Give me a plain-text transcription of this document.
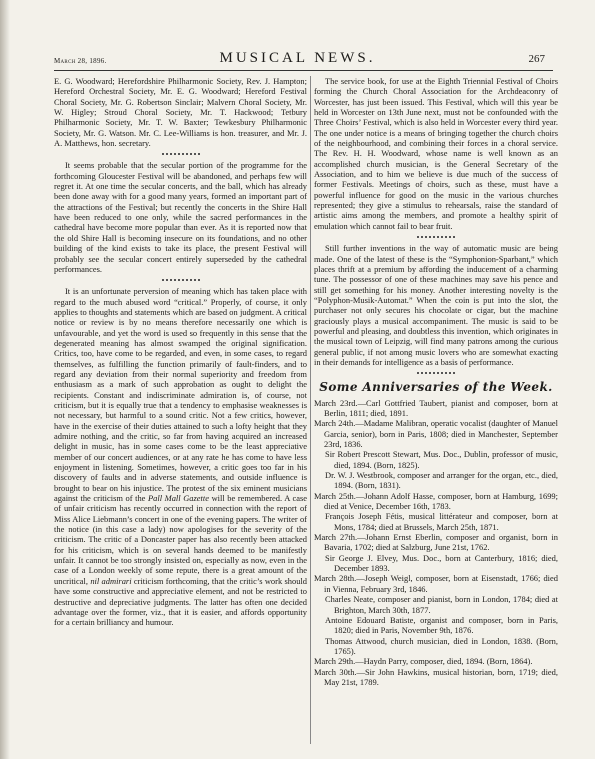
March 28, 1896.	MUSICAL NEWS.	267

E. G. Woodward; Herefordshire Philharmonic Society, Rev. J. Hampton; Hereford Orchestral Society, Mr. E. G. Woodward; Hereford Festival Choral Society, Mr. G. Robertson Sinclair; Malvern Choral Society, Mr. W. Higley; Stroud Choral Society, Mr. T. Hackwood; Tetbury Philharmonic Society, Mr. T. W. Baxter; Tewkesbury Philharmonic Society, Mr. G. Watson. Mr. C. Lee-Williams is hon. treasurer, and Mr. J. A. Matthews, hon. secretary.

It seems probable that the secular portion of the programme for the forthcoming Gloucester Festival will be abandoned, and perhaps few will regret it. At one time the secular concerts, and the ball, which has already been done away with for a good many years, formed an important part of the attractions of the Festival; but recently the concerts in the Shire Hall have been reduced to one only, while the sacred performances in the cathedral have become more popular than ever. As it is reported now that the old Shire Hall is becoming insecure on its foundations, and no other building of the kind exists to take its place, the present Festival will probably see the secular concert entirely superseded by the cathedral performances.

It is an unfortunate perversion of meaning which has taken place with regard to the much abused word “critical.” Properly, of course, it only applies to thoughts and statements which are based on judgment. A critical notice or review is by no means therefore necessarily one which is unfavourable, and yet the word is used so frequently in this sense that the degenerated meaning has almost swamped the original signification. Critics, too, have come to be regarded, and even, in some cases, to regard themselves, as fulfilling the function primarily of fault-finders, and to regard any deviation from their normal superiority and freedom from enthusiasm as a mark of such approbation as ought to delight the recipients. Constant and indiscriminate admiration is, of course, not criticism, but it is equally true that a tendency to emphasise weaknesses is not necessary, but harmful to a sound critic. Not a few critics, however, have in the exercise of their duties attained to such a lofty height that they admire nothing, and the critic, so far from having acquired an increased delight in music, has in some cases come to be the least appreciative member of our concert audiences, or at any rate he has come to have less enjoyment in listening. Sometimes, however, a critic goes too far in his discovery of faults and in adverse statements, and outside influence is brought to bear on his injustice. The protest of the six eminent musicians against the criticism of the Pall Mall Gazette will be remembered. A case of unfair criticism has recently occurred in connection with the report of Miss Alice Liebmann’s concert in one of the evening papers. The writer of the notice (in this case a lady) now apologises for the severity of the criticism. The critic of a Doncaster paper has also recently been attacked for his criticism, which is on several hands deemed to be manifestly unfair. It cannot be too strongly insisted on, especially as now, even in the case of a London weekly of some repute, there is a great amount of the uncritical, nil admirari criticism forthcoming, that the critic’s work should have some constructive and appreciative element, and not be restricted to destructive and depreciative judgments. The latter has often one decided advantage over the former, viz., that it is easier, and affords opportunity for a certain brilliancy and humour.

The service book, for use at the Eighth Triennial Festival of Choirs forming the Church Choral Association for the Archdeaconry of Worcester, has just been issued. This Festival, which will this year be held in Worcester on 13th June next, must not be confounded with the Three Choirs’ Festival, which is also held in Worcester every third year. The one under notice is a means of bringing together the church choirs of the neighbourhood, and combining their forces in a choral service. The Rev. H. H. Woodward, whose name is well known as an accomplished church musician, is the General Secretary of the Association, and to him we believe is due much of the success of former Festivals. Meetings of choirs, such as these, must have a powerful influence for good on the music in the various churches represented; they give a stimulus to rehearsals, raise the standard of artistic aims among the members, and promote a healthy spirit of emulation which cannot fail to bear fruit.

Still further inventions in the way of automatic music are being made. One of the latest of these is the “Symphonion-Sparbant,” which places thrift at a premium by affording the inducement of a charming tune. The possessor of one of these machines may save his pence and still get something for his money. Another interesting novelty is the “Polyphon-Musik-Automat.” When the coin is put into the slot, the purchaser not only secures his chocolate or cigar, but the machine graciously plays a musical accompaniment. The music is said to be powerful and pleasing, and doubtless this invention, which originates in the musical town of Leipzig, will find many patrons among the curious general public, if not among music lovers who are somewhat exacting in their demands for intelligence as a basis of performance.

Some Anniversaries of the Week.

March 23rd.—Carl Gottfried Taubert, pianist and composer, born at Berlin, 1811; died, 1891.

March 24th.—Madame Malibran, operatic vocalist (daughter of Manuel Garcia, senior), born in Paris, 1808; died in Manchester, September 23rd, 1836.

Sir Robert Prescott Stewart, Mus. Doc., Dublin, professor of music, died, 1894. (Born, 1825).

Dr. W. J. Westbrook, composer and arranger for the organ, etc., died, 1894. (Born, 1831).

March 25th.—Johann Adolf Hasse, composer, born at Hamburg, 1699; died at Venice, December 16th, 1783.

François Joseph Fétis, musical littérateur and composer, born at Mons, 1784; died at Brussels, March 25th, 1871.

March 27th.—Johann Ernst Eberlin, composer and organist, born in Bavaria, 1702; died at Salzburg, June 21st, 1762.

Sir George J. Elvey, Mus. Doc., born at Canterbury, 1816; died, December 1893.

March 28th.—Joseph Weigl, composer, born at Eisenstadt, 1766; died in Vienna, February 3rd, 1846.

Charles Neate, composer and pianist, born in London, 1784; died at Brighton, March 30th, 1877.

Antoine Edouard Batiste, organist and composer, born in Paris, 1820; died in Paris, November 9th, 1876.

Thomas Attwood, church musician, died in London, 1838. (Born, 1765).

March 29th.—Haydn Parry, composer, died, 1894. (Born, 1864).

March 30th.—Sir John Hawkins, musical historian, born, 1719; died, May 21st, 1789.
